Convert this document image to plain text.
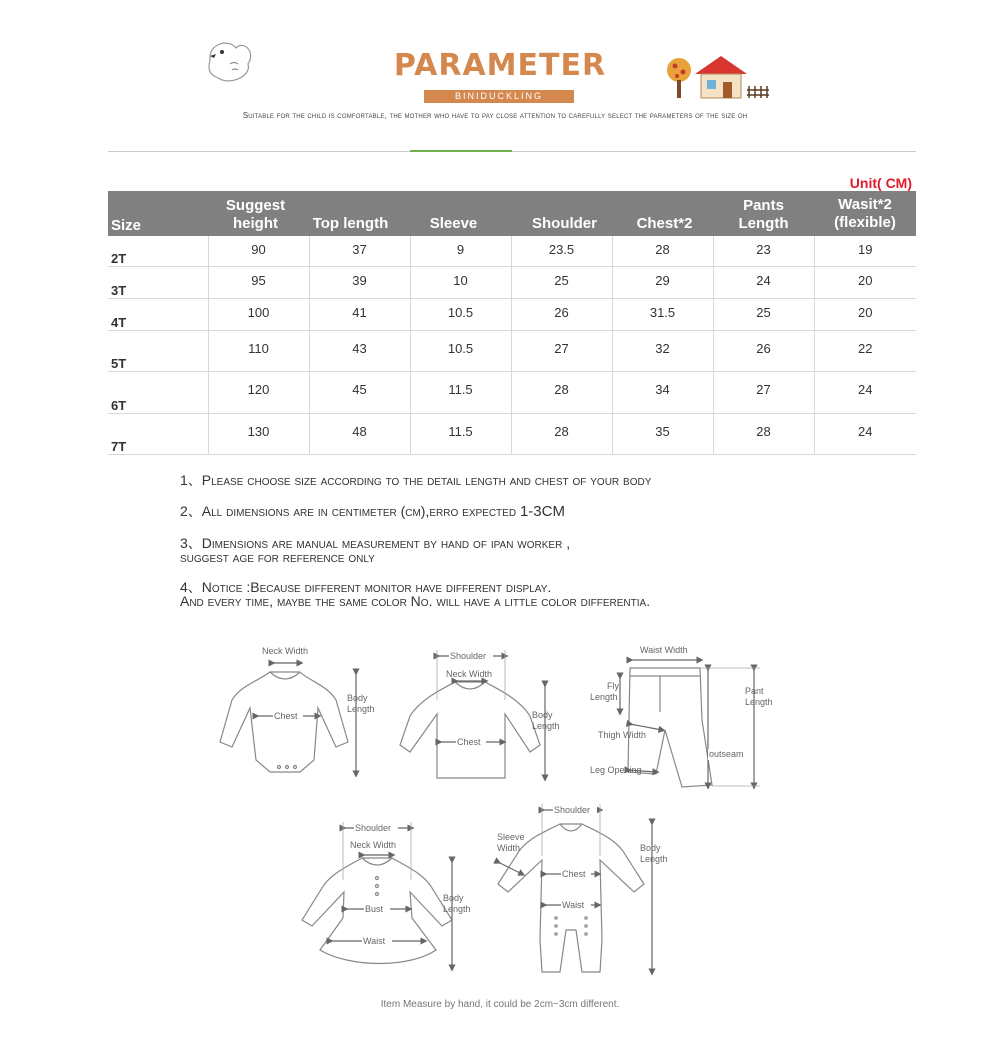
PARAMETER
BINIDUCKLING
Suitable for the child is comfortable, the mother who have to pay close attention to carefully select the parameters of the size oh
Unit( CM)
Size	Suggest height	Top length	Sleeve	Shoulder	Chest*2	Pants Length	Wasit*2 (flexible)
2T	90	37	9	23.5	28	23	19
3T	95	39	10	25	29	24	20
4T	100	41	10.5	26	31.5	25	20
5T	110	43	10.5	27	32	26	22
6T	120	45	11.5	28	34	27	24
7T	130	48	11.5	28	35	28	24
1、Please choose size according to the detail length and chest of your body
2、All dimensions are in centimeter (cm),erro expected 1-3CM
3、Dimensions are manual measurement by hand of ipan worker ,
suggest age for reference only
4、Notice :Because different monitor have different display.
And every time, maybe the same color No. will have a little color differentia.
Neck Width
Chest
Body
Length
Shoulder
Neck Width
Chest
Body
Length
Waist Width
Fly
Length
Pant
Length
Thigh Width
outseam
Leg Opening
Shoulder
Neck Width
Bust
Waist
Body
Length
Shoulder
Sleeve
Width
Chest
Waist
Body
Length
Item Measure by hand, it could be 2cm~3cm different.
